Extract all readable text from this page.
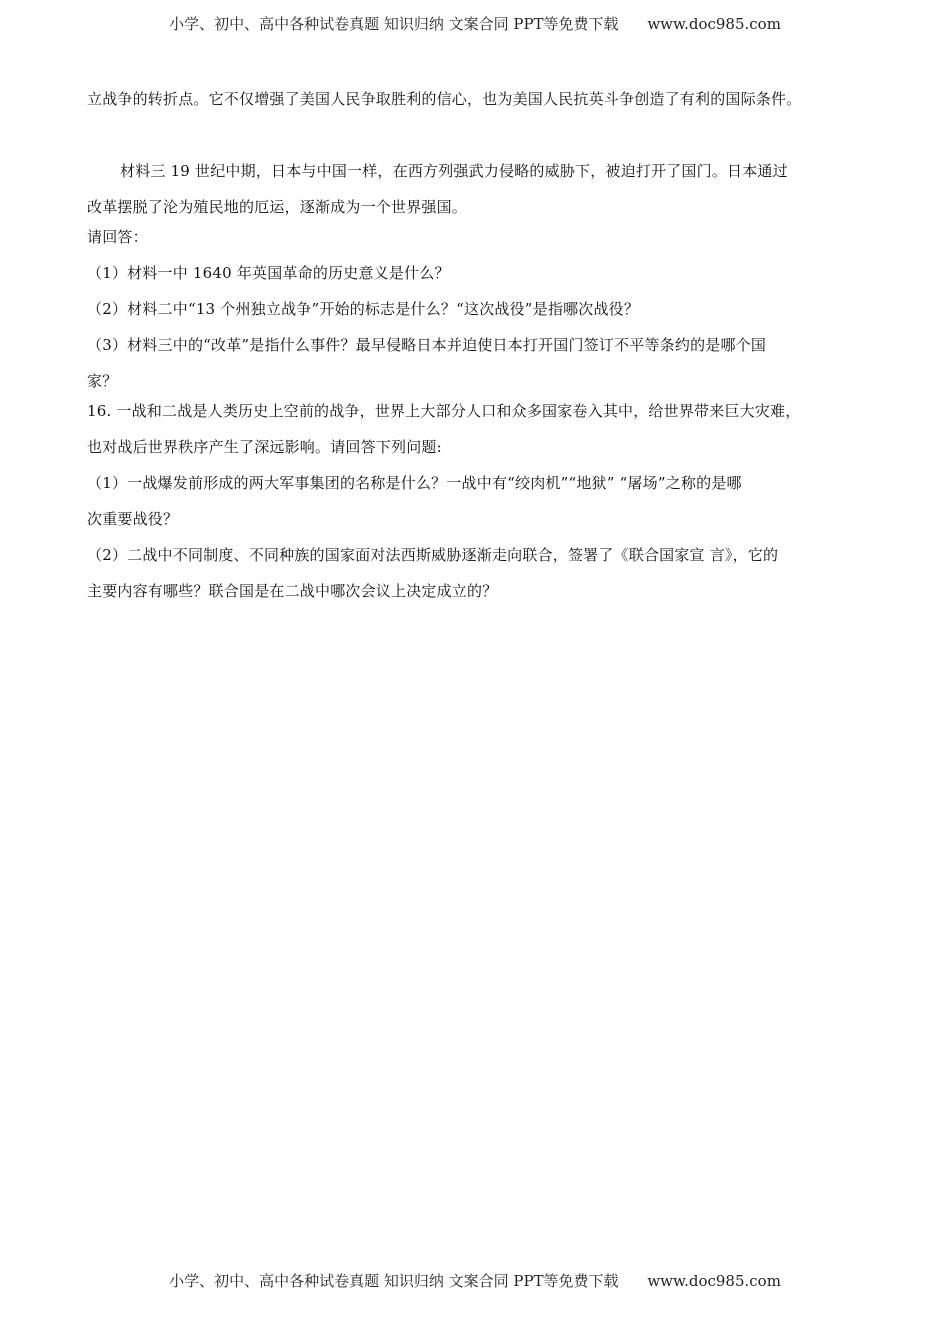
小学、初中、高中各种试卷真题 知识归纳 文案合同 PPT等免费下载 www.doc985.com

立战争的转折点。它不仅增强了美国人民争取胜利的信心，也为美国人民抗英斗争创造了有利的国际条件。

材料三 19 世纪中期，日本与中国一样，在西方列强武力侵略的威胁下，被迫打开了国门。日本通过

改革摆脱了沦为殖民地的厄运，逐渐成为一个世界强国。

请回答：

（1）材料一中 1640 年英国革命的历史意义是什么？

（2）材料二中“13 个州独立战争”开始的标志是什么？“这次战役”是指哪次战役？

（3）材料三中的“改革”是指什么事件？最早侵略日本并迫使日本打开国门签订不平等条约的是哪个国

家？

16. 一战和二战是人类历史上空前的战争，世界上大部分人口和众多国家卷入其中，给世界带来巨大灾难，

也对战后世界秩序产生了深远影响。请回答下列问题:

（1）一战爆发前形成的两大军事集团的名称是什么？一战中有“绞肉机”“地狱” “屠场”之称的是哪

次重要战役？

（2）二战中不同制度、不同种族的国家面对法西斯威胁逐渐走向联合，签署了《联合国家宣 言》，它的

主要内容有哪些？联合国是在二战中哪次会议上决定成立的？

小学、初中、高中各种试卷真题 知识归纳 文案合同 PPT等免费下载 www.doc985.com
